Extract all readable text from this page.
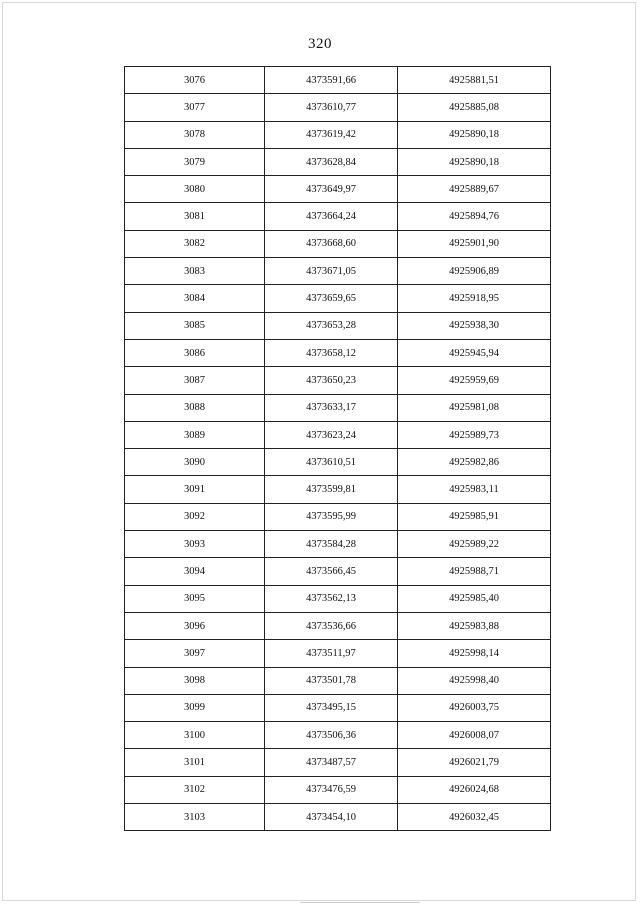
320
3076	4373591,66	4925881,51
3077	4373610,77	4925885,08
3078	4373619,42	4925890,18
3079	4373628,84	4925890,18
3080	4373649,97	4925889,67
3081	4373664,24	4925894,76
3082	4373668,60	4925901,90
3083	4373671,05	4925906,89
3084	4373659,65	4925918,95
3085	4373653,28	4925938,30
3086	4373658,12	4925945,94
3087	4373650,23	4925959,69
3088	4373633,17	4925981,08
3089	4373623,24	4925989,73
3090	4373610,51	4925982,86
3091	4373599,81	4925983,11
3092	4373595,99	4925985,91
3093	4373584,28	4925989,22
3094	4373566,45	4925988,71
3095	4373562,13	4925985,40
3096	4373536,66	4925983,88
3097	4373511,97	4925998,14
3098	4373501,78	4925998,40
3099	4373495,15	4926003,75
3100	4373506,36	4926008,07
3101	4373487,57	4926021,79
3102	4373476,59	4926024,68
3103	4373454,10	4926032,45
